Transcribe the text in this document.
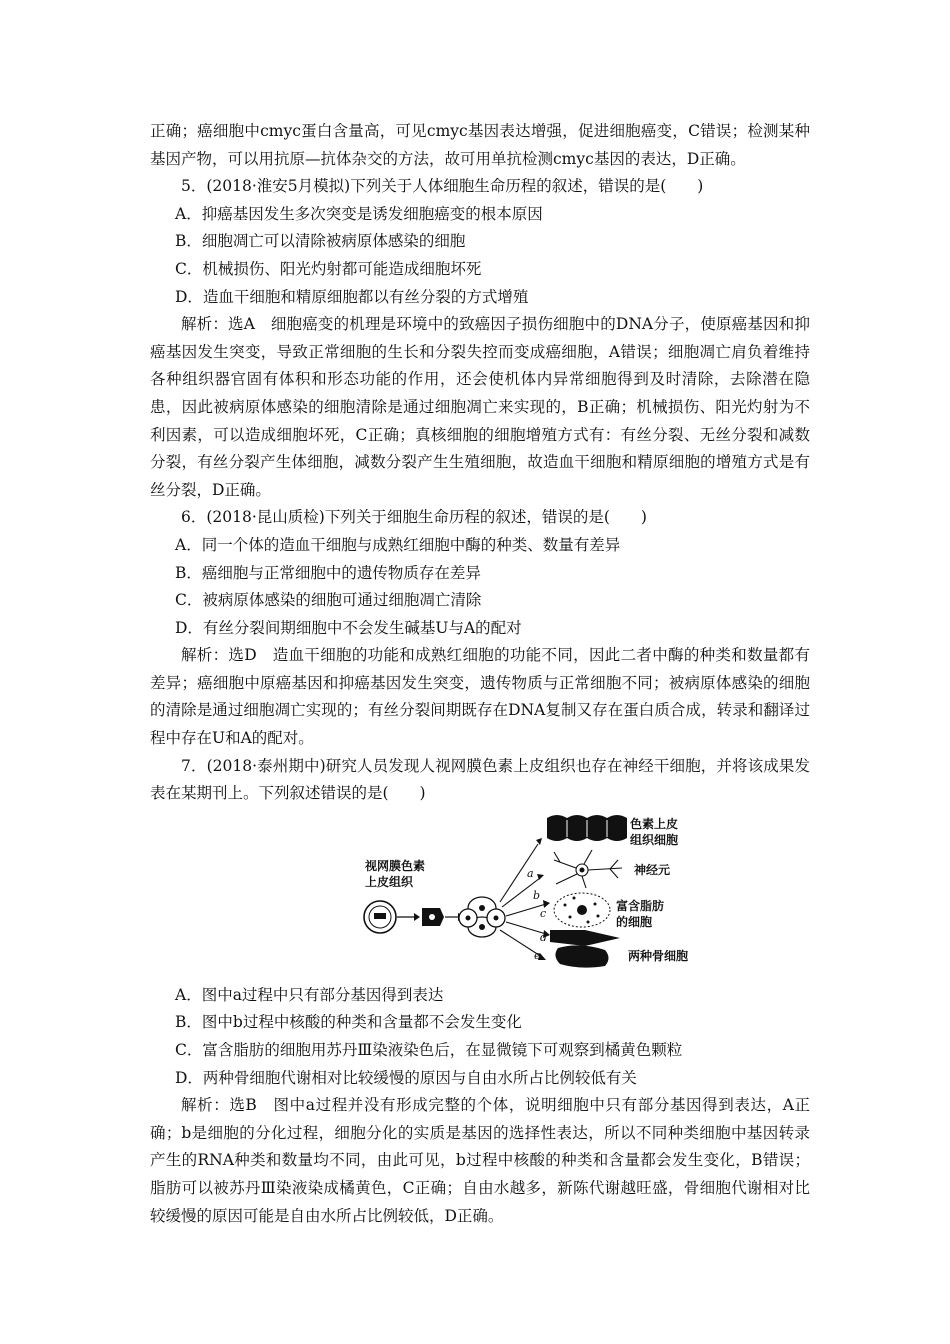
正确；癌细胞中cmyc蛋白含量高，可见cmyc基因表达增强，促进细胞癌变，C错误；检测某种基因产物，可以用抗原—抗体杂交的方法，故可用单抗检测cmyc基因的表达，D正确。

5．(2018·淮安5月模拟)下列关于人体细胞生命历程的叙述，错误的是(　　)

A．抑癌基因发生多次突变是诱发细胞癌变的根本原因

B．细胞凋亡可以清除被病原体感染的细胞

C．机械损伤、阳光灼射都可能造成细胞坏死

D．造血干细胞和精原细胞都以有丝分裂的方式增殖

解析：选A　细胞癌变的机理是环境中的致癌因子损伤细胞中的DNA分子，使原癌基因和抑癌基因发生突变，导致正常细胞的生长和分裂失控而变成癌细胞，A错误；细胞凋亡肩负着维持各种组织器官固有体积和形态功能的作用，还会使机体内异常细胞得到及时清除，去除潜在隐患，因此被病原体感染的细胞清除是通过细胞凋亡来实现的，B正确；机械损伤、阳光灼射为不利因素，可以造成细胞坏死，C正确；真核细胞的细胞增殖方式有：有丝分裂、无丝分裂和减数分裂，有丝分裂产生体细胞，减数分裂产生生殖细胞，故造血干细胞和精原细胞的增殖方式是有丝分裂，D正确。

6．(2018·昆山质检)下列关于细胞生命历程的叙述，错误的是(　　)

A．同一个体的造血干细胞与成熟红细胞中酶的种类、数量有差异

B．癌细胞与正常细胞中的遗传物质存在差异

C．被病原体感染的细胞可通过细胞凋亡清除

D．有丝分裂间期细胞中不会发生碱基U与A的配对

解析：选D　造血干细胞的功能和成熟红细胞的功能不同，因此二者中酶的种类和数量都有差异；癌细胞中原癌基因和抑癌基因发生突变，遗传物质与正常细胞不同；被病原体感染的细胞的清除是通过细胞凋亡实现的；有丝分裂间期既存在DNA复制又存在蛋白质合成，转录和翻译过程中存在U和A的配对。

7．(2018·泰州期中)研究人员发现人视网膜色素上皮组织也存在神经干细胞，并将该成果发表在某期刊上。下列叙述错误的是(　　)

a
b
c
d
e
视网膜色素上皮组织
色素上皮组织细胞
神经元
富含脂肪的细胞
两种骨细胞

A．图中a过程中只有部分基因得到表达

B．图中b过程中核酸的种类和含量都不会发生变化

C．富含脂肪的细胞用苏丹Ⅲ染液染色后，在显微镜下可观察到橘黄色颗粒

D．两种骨细胞代谢相对比较缓慢的原因与自由水所占比例较低有关

解析：选B　图中a过程并没有形成完整的个体，说明细胞中只有部分基因得到表达，A正确；b是细胞的分化过程，细胞分化的实质是基因的选择性表达，所以不同种类细胞中基因转录产生的RNA种类和数量均不同，由此可见，b过程中核酸的种类和含量都会发生变化，B错误；脂肪可以被苏丹Ⅲ染液染成橘黄色，C正确；自由水越多，新陈代谢越旺盛，骨细胞代谢相对比较缓慢的原因可能是自由水所占比例较低，D正确。
